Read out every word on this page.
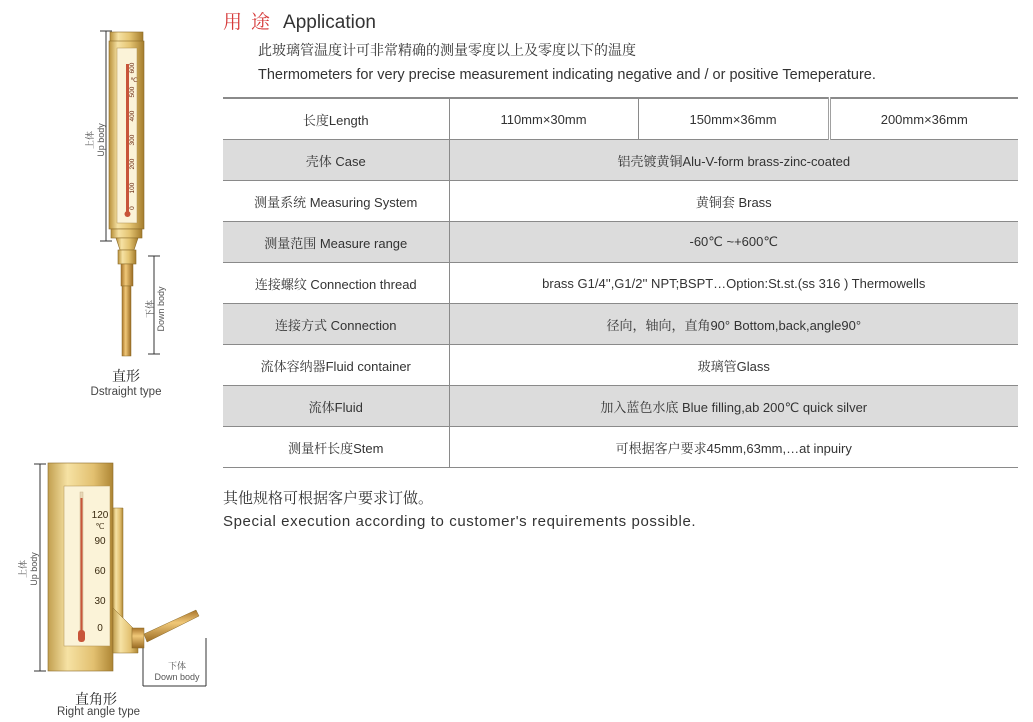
用途 Application
此玻璃管温度计可非常精确的测量零度以上及零度以下的温度
Thermometers for very precise measurement indicating negative and / or positive Temeperature.
长度Length	110mm×30mm	150mm×36mm	200mm×36mm
壳体 Case	铝壳镀黄铜Alu-V-form brass-zinc-coated		
测量系统 Measuring System	黄铜套 Brass		
测量范围 Measure range	-60℃ ~+600℃		
连接螺纹 Connection thread	brass G1/4'',G1/2'' NPT;BSPT…Option:St.st.(ss 316 ) Thermowells		
连接方式 Connection	径向，轴向，直角90° Bottom,back,angle90°		
流体容纳器Fluid container	玻璃管Glass		
流体Fluid	加入蓝色水底 Blue filling,ab 200℃ quick silver		
测量杆长度Stem	可根据客户要求45mm,63mm,…at inpuiry		
其他规格可根据客户要求订做。
Special execution according to customer's requirements possible.
600
℃
500
400
300
200
100
0
上体
Up body
下体
Down body
直形
Dstraight type
120
℃
90
60
30
0
上体
Up body
下体
Down body
直角形
Right angle type
